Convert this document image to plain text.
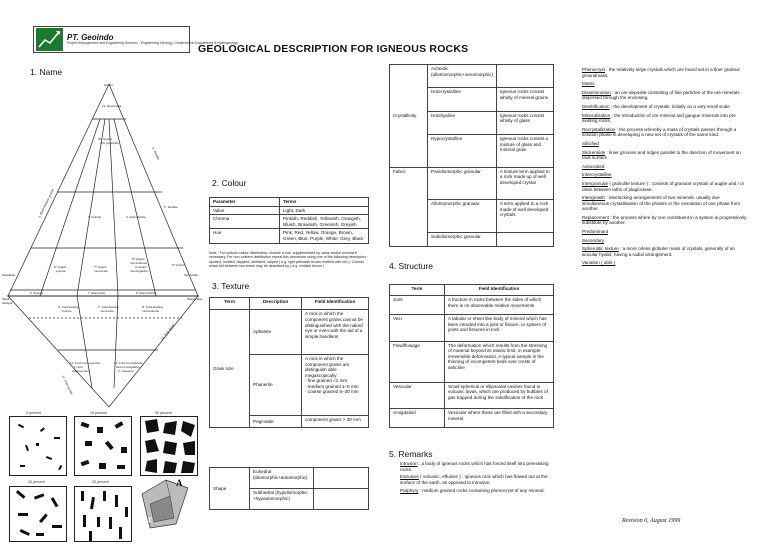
PT. Geoindo
Project Management and Engineering Services · Engineering Geology, Geotechnical Engineering & Hydrogeology
GEOLOGICAL DESCRIPTION FOR IGNEOUS ROCKS
1. Name
2. Colour
3. Texture
4. Structure
5. Remarks
Quartz
1a. Quartzolite
1b. Quartz
rich granitoids
3. Granite	4. Granodiorite
5. Tonalite
6* Quartz
syenite
7* Quartz
monzonite
8* Quartz
monzodiorite
or quartz
monzogabbro
9* Quartz
6. Syenite	7. Monzonite	8. Monzodiorite
6'. Foid-bearing
syenite
7'. Foid-bearing
monzonite
8'. Foid-bearing
monzodiorite
11. Foid monzosyenite
(= foid
plagisyenite)
13. Foid monzodiorite
foid monzogabbro
(= essexite)
Sanidinite
Alkali
feldspar
Plagioclase
Ser. felsite
2. Alkali feldspar granite
5. Tonalite
11. Foid syenite
14. Foid diorite
5 percent	15 percent	30 percent
40 percent	25 percent	A
E
Parameter	Terms
Value	Light, Dark
Chroma	Pinkish, Reddish, Yellowish, Orangish, Bluish, Brownish, Greenish, Greyish
Hue	Pink, Red, Yellow, Orange, Brown, Green, Blue, Purple, White, Grey, Black
Note : For uniform colour distribution, choose a hue, supplemented by value and/or chroma if necessary. For non-uniform distribution repeat this procedure using one of the following descriptors : spotted, mottled, dappled, streaked, striped ( e.g. light yellowish brown mottled with red ). Colours which fall between two terms may be described by ( e.g. reddish brown )
Term	Description	Field Identification
Grain size	Aphanite	A rock in which the component grains cannot be distinguished with the naked eye or even with the aid of a simple handlens
	Phanerite	A rock in which the component grains are distinguish able megascopically:
- fine grained <1 mm
- medium grained 1–5 mm
- coarse grained 5–30 mm
	Pegmatite	component grains > 30 mm
Shape	Euhedral (idiomorphic+automorphic)	
	Subhedral (hypidiomorphic +hypautomorphic)	
Crystallinity	Acheidic (allotriomorphic+xenomorphic)	
	Holocrystalline	Igneous rocks consist wholly of mineral grains
	Holohyaline	Igneous rocks consist wholly of glass
	Hypocrystalline	Igneous rocks consist a mixture of glass and mineral grain
Fabric	Panidiomorphic granular	A texture term applied to a rock made up of well developed crystal
	Allotriomorphic granular	A term applied to a rock made of well developed crystals
	Subidiomorphic granular	
Term	Field Identification
Joint	A fracture in rocks between the sides of which there is no observable relative movements
Vein	A tabular or sheet like body of mineral which has been intruded into a joint or fissure, or system of joints and fissures in rock
Flow/flowage	The deformation which results from the stressing of material beyond its elastic limit, in example irreversible deformation. A typical sample is the thinning of incompetent beds over crests of anticline
Vesicular	Small spherical or ellipsoidal cavities found in volcanic lavas, which are produced by bubbles of gas trapped during the solidification of the rock
Amigdaloid	Vesicular where these are filled with a secondary mineral

Intrusion : a body of igneous rocks which has forced itself into preexisting rocks.

Extrusive ( volcanic, effusive ) : Igneous rock which has flowed out at the surface of the earth, as opposed to intrusive.

Porphyry : medium grained rocks containing phenocryst of any mineral.

Phenocryst : the relatively large crystals which are found set in a finer grained groundmass.

Matrix

Dissemination : an ore deposite consisting of fine particles of the ore minerals dispersed through the enclosing.

Devitrification : the development of crystals, initially on a very small scale

Mineralization : the introduction of ore mineral and gangue minerals into pre existing rocks.

Recrystallization : the process whereby a mass of crystals passes through a solution phase in developing a new set of crystals of the same kind.

Silicified

Slickenside : linier grooves and ridges parallel to the direction of movement on fault surface

Associated

Intercrystalline

Intergranular ( granulite texture ) : consists of granular crystals of augite and / or olivin between laths of plagioclase.

Intergrowth : interlocking arrangements of two minerals, usually due simultaneous crystallisation of the phases or the exsolution of one phase from another.

Replacement : the process where by one constituent in a system is progressively substitute by another.

Predominant

Secondary

Spherulitic texture : a more orless globuler mass of crystals, generally of an acicular hyabit, having a radial arrangement.

Variation ( able )

Revision 0, August 1999
